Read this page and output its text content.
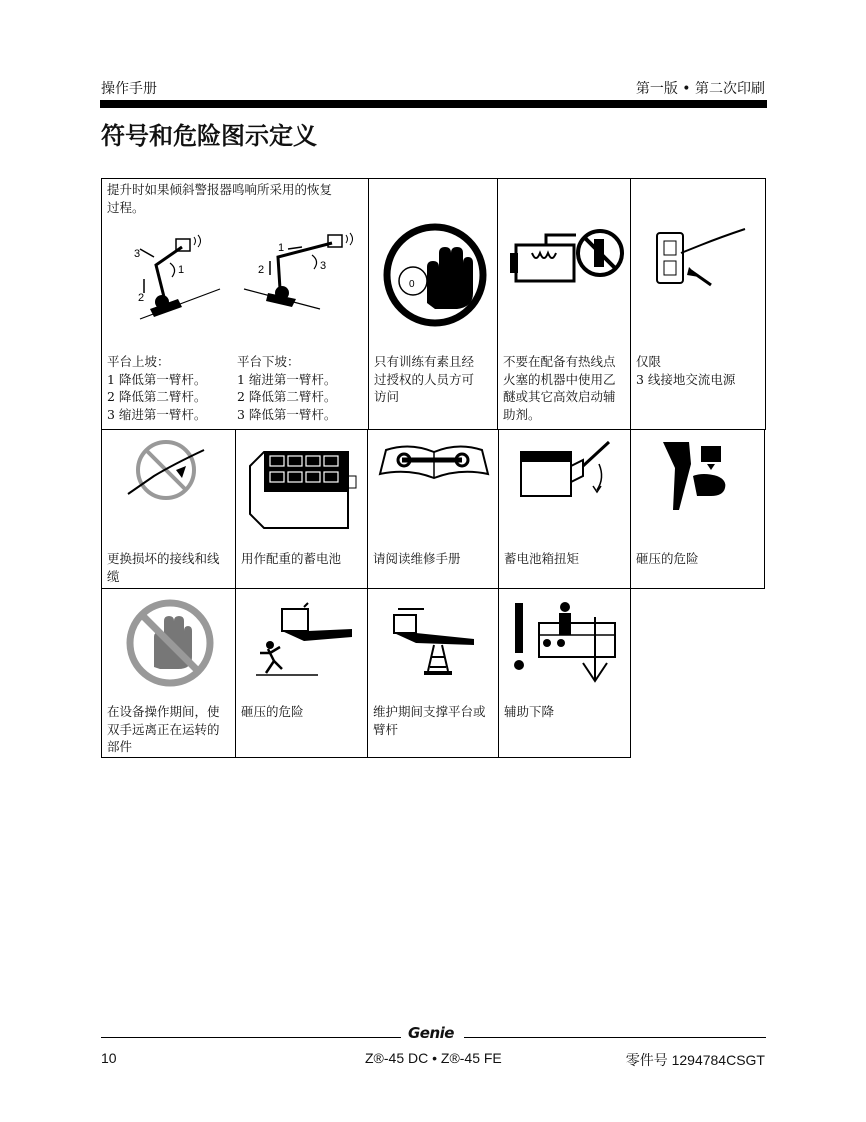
操作手册	第一版 • 第二次印刷
符号和危险图示定义
提升时如果倾斜警报器鸣响所采用的恢复
过程。
3
1
2
1
2	3
平台上坡：
1 降低第一臂杆。
2 降低第二臂杆。
3 缩进第一臂杆。
平台下坡：
1 缩进第一臂杆。
2 降低第二臂杆。
3 降低第一臂杆。
0
只有训练有素且经
过授权的人员方可
访问
不要在配备有热线点
火塞的机器中使用乙
醚或其它高效启动辅
助剂。
仅限
3 线接地交流电源
更换损坏的接线和线
缆
用作配重的蓄电池	请阅读维修手册	蓄电池箱扭矩	砸压的危险
在设备操作期间，使
双手远离正在运转的
部件
砸压的危险	维护期间支撑平台或
臂杆
辅助下降
Genie
10	Z®-45 DC • Z®-45 FE	零件号 1294784CSGT
